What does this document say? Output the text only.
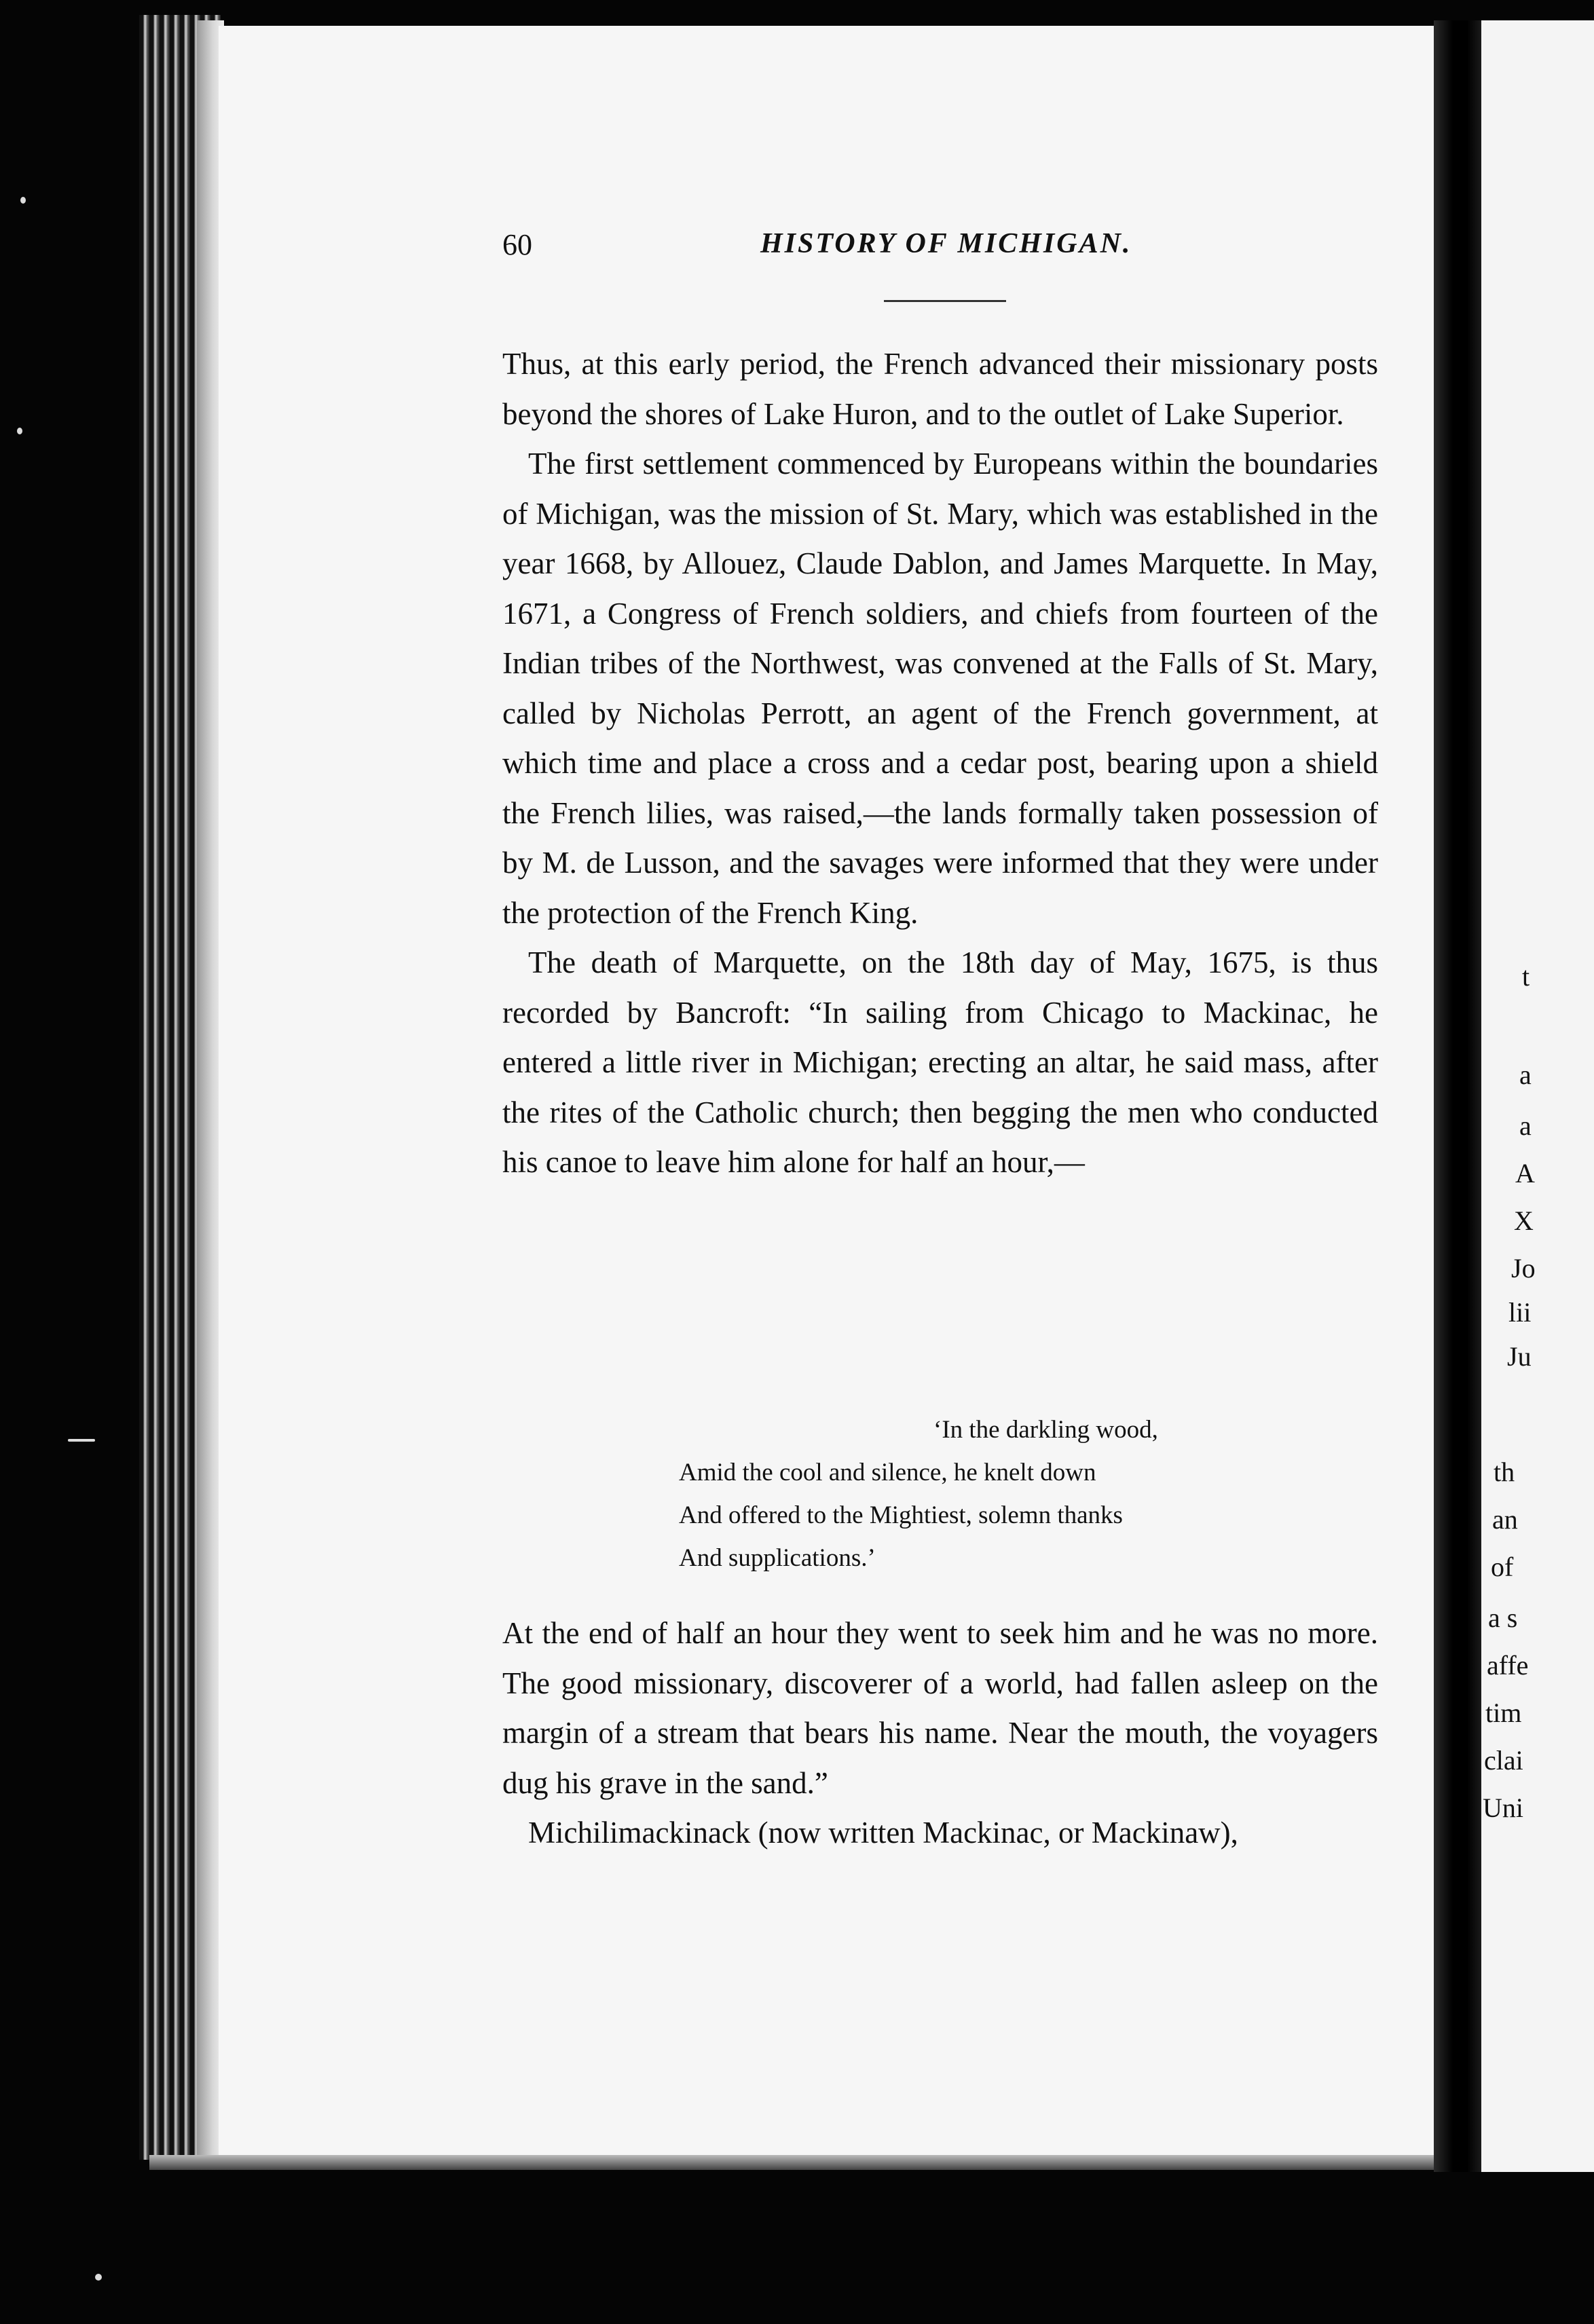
t
a
a
A
X
Jo
lii
Ju
th
an
of
a s
affe
tim
clai
Uni
60	HISTORY OF MICHIGAN.

Thus, at this early period, the French advanced their missionary posts beyond the shores of Lake Huron, and to the outlet of Lake Superior.

The first settlement commenced by Europeans within the boundaries of Michigan, was the mission of St. Mary, which was established in the year 1668, by Allouez, Claude Dablon, and James Marquette. In May, 1671, a Congress of French soldiers, and chiefs from fourteen of the Indian tribes of the Northwest, was convened at the Falls of St. Mary, called by Nicholas Perrott, an agent of the French government, at which time and place a cross and a cedar post, bearing upon a shield the French lilies, was raised,—the lands formally taken possession of by M. de Lusson, and the savages were informed that they were under the protection of the French King.

The death of Marquette, on the 18th day of May, 1675, is thus recorded by Bancroft: “In sailing from Chicago to Mackinac, he entered a little river in Michigan; erecting an altar, he said mass, after the rites of the Catholic church; then begging the men who conducted his canoe to leave him alone for half an hour,—

‘In the darkling wood,
Amid the cool and silence, he knelt down
And offered to the Mightiest, solemn thanks
And supplications.’

At the end of half an hour they went to seek him and he was no more. The good missionary, discoverer of a world, had fallen asleep on the margin of a stream that bears his name. Near the mouth, the voyagers dug his grave in the sand.”

Michilimackinack (now written Mackinac, or Mackinaw),
